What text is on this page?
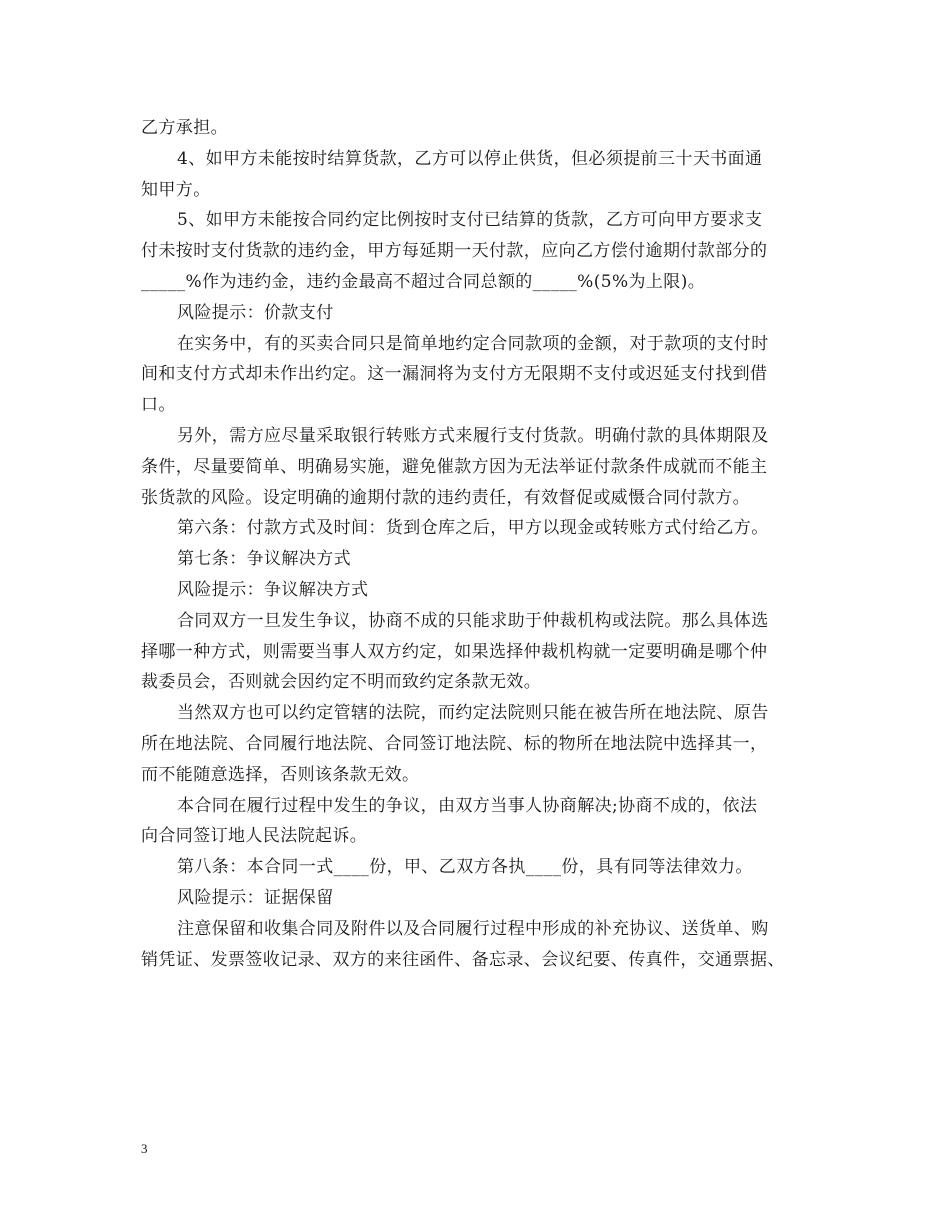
乙方承担。
4、如甲方未能按时结算货款，乙方可以停止供货，但必须提前三十天书面通
知甲方。
5、如甲方未能按合同约定比例按时支付已结算的货款，乙方可向甲方要求支
付未按时支付货款的违约金，甲方每延期一天付款，应向乙方偿付逾期付款部分的
_____%作为违约金，违约金最高不超过合同总额的_____%(5%为上限)。
风险提示：价款支付
在实务中，有的买卖合同只是简单地约定合同款项的金额，对于款项的支付时
间和支付方式却未作出约定。这一漏洞将为支付方无限期不支付或迟延支付找到借
口。
另外，需方应尽量采取银行转账方式来履行支付货款。明确付款的具体期限及
条件，尽量要简单、明确易实施，避免催款方因为无法举证付款条件成就而不能主
张货款的风险。设定明确的逾期付款的违约责任，有效督促或威慑合同付款方。
第六条：付款方式及时间：货到仓库之后，甲方以现金或转账方式付给乙方。
第七条：争议解决方式
风险提示：争议解决方式
合同双方一旦发生争议，协商不成的只能求助于仲裁机构或法院。那么具体选
择哪一种方式，则需要当事人双方约定，如果选择仲裁机构就一定要明确是哪个仲
裁委员会，否则就会因约定不明而致约定条款无效。
当然双方也可以约定管辖的法院，而约定法院则只能在被告所在地法院、原告
所在地法院、合同履行地法院、合同签订地法院、标的物所在地法院中选择其一，
而不能随意选择，否则该条款无效。
本合同在履行过程中发生的争议，由双方当事人协商解决;协商不成的，依法
向合同签订地人民法院起诉。
第八条：本合同一式____份，甲、乙双方各执____份，具有同等法律效力。
风险提示：证据保留
注意保留和收集合同及附件以及合同履行过程中形成的补充协议、送货单、购
销凭证、发票签收记录、双方的来往函件、备忘录、会议纪要、传真件，交通票据、
3
